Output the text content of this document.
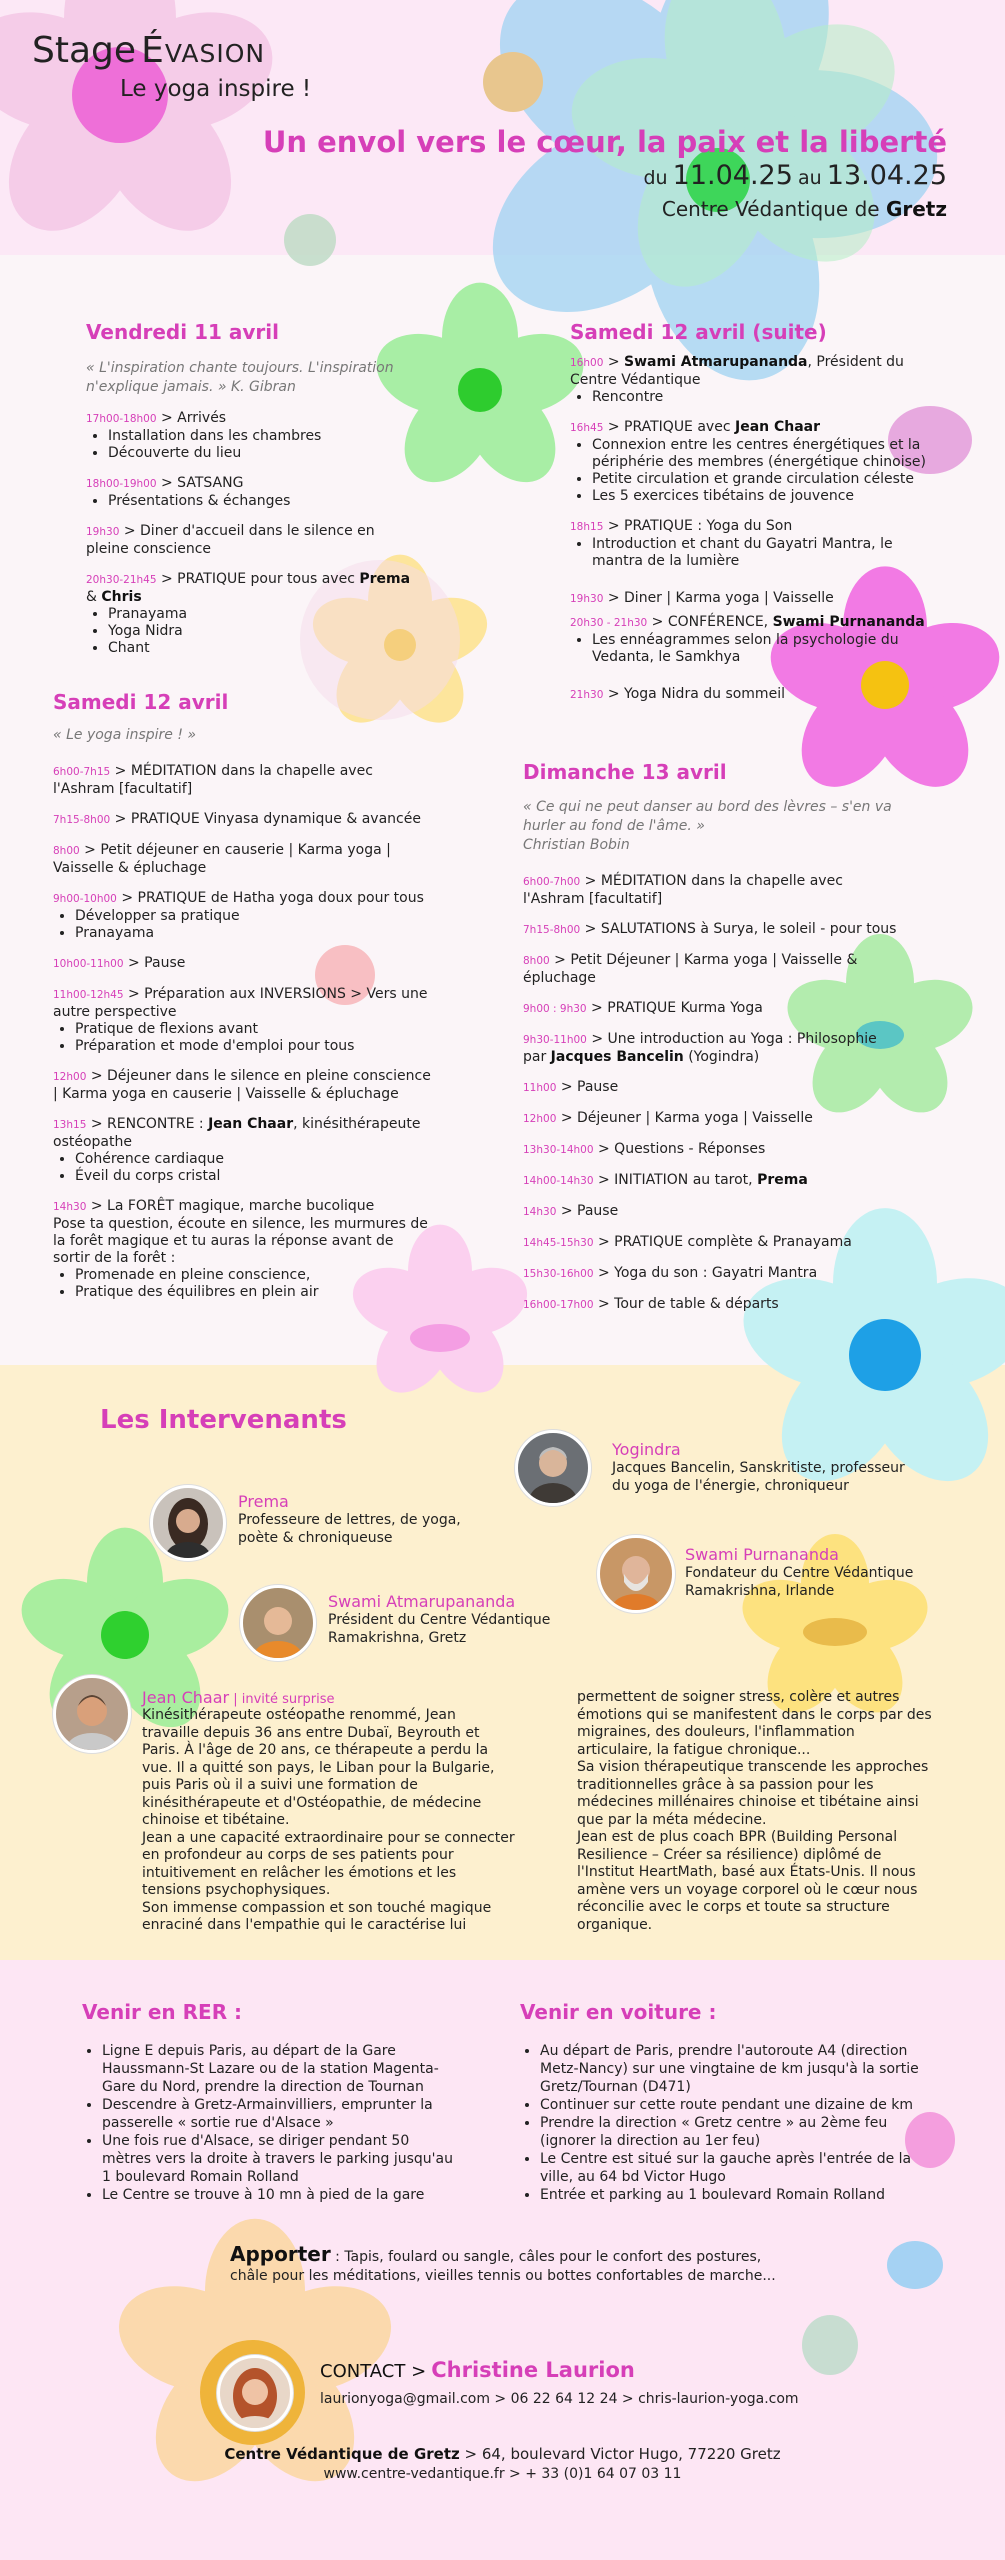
Stage Évasion
Le yoga inspire !
Un envol vers le cœur, la paix et la liberté
du 11.04.25 au 13.04.25
Centre Védantique de Gretz

Vendredi 11 avril

« L'inspiration chante toujours. L'inspiration n'explique jamais. » K. Gibran

17h00-18h00 > Arrivés

• Installation dans les chambres
• Découverte du lieu

18h00-19h00 > SATSANG

• Présentations & échanges

19h30 > Diner d'accueil dans le silence en pleine conscience

20h30-21h45 > PRATIQUE pour tous avec Prema & Chris

• Pranayama
• Yoga Nidra
• Chant

Samedi 12 avril (suite)

16h00 > Swami Atmarupananda, Président du Centre Védantique

• Rencontre

16h45 > PRATIQUE avec Jean Chaar

• Connexion entre les centres énergétiques et la périphérie des membres (énergétique chinoise)
• Petite circulation et grande circulation céleste
• Les 5 exercices tibétains de jouvence

18h15 > PRATIQUE : Yoga du Son

• Introduction et chant du Gayatri Mantra, le mantra de la lumière

19h30 > Diner | Karma yoga | Vaisselle

20h30 - 21h30 > CONFÉRENCE, Swami Purnananda

• Les ennéagrammes selon la psychologie du Vedanta, le Samkhya

21h30 > Yoga Nidra du sommeil

Samedi 12 avril

« Le yoga inspire ! »

6h00-7h15 > MÉDITATION dans la chapelle avec l'Ashram [facultatif]

7h15-8h00 > PRATIQUE Vinyasa dynamique & avancée

8h00 > Petit déjeuner en causerie | Karma yoga | Vaisselle & épluchage

9h00-10h00 > PRATIQUE de Hatha yoga doux pour tous

• Développer sa pratique
• Pranayama

10h00-11h00 > Pause

11h00-12h45 > Préparation aux INVERSIONS > Vers une autre perspective

• Pratique de flexions avant
• Préparation et mode d'emploi pour tous

12h00 > Déjeuner dans le silence en pleine conscience | Karma yoga en causerie | Vaisselle & épluchage

13h15 > RENCONTRE : Jean Chaar, kinésithérapeute ostéopathe

• Cohérence cardiaque
• Éveil du corps cristal

14h30 > La FORÊT magique, marche bucolique

Pose ta question, écoute en silence, les murmures de la forêt magique et tu auras la réponse avant de sortir de la forêt :

• Promenade en pleine conscience,
• Pratique des équilibres en plein air

Dimanche 13 avril

« Ce qui ne peut danser au bord des lèvres – s'en va hurler au fond de l'âme. »

Christian Bobin

6h00-7h00 > MÉDITATION dans la chapelle avec l'Ashram [facultatif]

7h15-8h00 > SALUTATIONS à Surya, le soleil - pour tous

8h00 > Petit Déjeuner | Karma yoga | Vaisselle & épluchage

9h00 : 9h30 > PRATIQUE Kurma Yoga

9h30-11h00 > Une introduction au Yoga : Philosophie par Jacques Bancelin (Yogindra)

11h00 > Pause

12h00 > Déjeuner | Karma yoga | Vaisselle

13h30-14h00 > Questions - Réponses

14h00-14h30 > INITIATION au tarot, Prema

14h30 > Pause

14h45-15h30 > PRATIQUE complète & Pranayama

15h30-16h00 > Yoga du son : Gayatri Mantra

16h00-17h00 > Tour de table & départs

Les Intervenants
Yogindra
Jacques Bancelin, Sanskritiste, professeur du yoga de l'énergie, chroniqueur
Prema
Professeure de lettres, de yoga, poète & chroniqueuse
Swami Purnananda
Fondateur du Centre Védantique Ramakrishna, Irlande
Swami Atmarupananda
Président du Centre Védantique Ramakrishna, Gretz
Jean Chaar | invité surprise

Kinésithérapeute ostéopathe renommé, Jean travaille depuis 36 ans entre Dubaï, Beyrouth et Paris. À l'âge de 20 ans, ce thérapeute a perdu la vue. Il a quitté son pays, le Liban pour la Bulgarie, puis Paris où il a suivi une formation de kinésithérapeute et d'Ostéopathie, de médecine chinoise et tibétaine.

Jean a une capacité extraordinaire pour se connecter en profondeur au corps de ses patients pour intuitivement en relâcher les émotions et les tensions psychophysiques.

Son immense compassion et son touché magique enraciné dans l'empathie qui le caractérise lui

permettent de soigner stress, colère et autres émotions qui se manifestent dans le corps par des migraines, des douleurs, l'inflammation articulaire, la fatigue chronique...

Sa vision thérapeutique transcende les approches traditionnelles grâce à sa passion pour les médecines millénaires chinoise et tibétaine ainsi que par la méta médecine.

Jean est de plus coach BPR (Building Personal Resilience – Créer sa résilience) diplômé de l'Institut HeartMath, basé aux États-Unis. Il nous amène vers un voyage corporel où le cœur nous réconcilie avec le corps et toute sa structure organique.

Venir en RER :
• Ligne E depuis Paris, au départ de la Gare Haussmann-St Lazare ou de la station Magenta-Gare du Nord, prendre la direction de Tournan
• Descendre à Gretz-Armainvilliers, emprunter la passerelle « sortie rue d'Alsace »
• Une fois rue d'Alsace, se diriger pendant 50 mètres vers la droite à travers le parking jusqu'au 1 boulevard Romain Rolland
• Le Centre se trouve à 10 mn à pied de la gare
Venir en voiture :
• Au départ de Paris, prendre l'autoroute A4 (direction Metz-Nancy) sur une vingtaine de km jusqu'à la sortie Gretz/Tournan (D471)
• Continuer sur cette route pendant une dizaine de km
• Prendre la direction « Gretz centre » au 2ème feu (ignorer la direction au 1er feu)
• Le Centre est situé sur la gauche après l'entrée de la ville, au 64 bd Victor Hugo
• Entrée et parking au 1 boulevard Romain Rolland
Apporter : Tapis, foulard ou sangle, câles pour le confort des postures,
châle pour les méditations, vieilles tennis ou bottes confortables de marche...
CONTACT > Christine Laurion
laurionyoga@gmail.com > 06 22 64 12 24 > chris-laurion-yoga.com
Centre Védantique de Gretz > 64, boulevard Victor Hugo, 77220 Gretz
www.centre-vedantique.fr > + 33 (0)1 64 07 03 11
